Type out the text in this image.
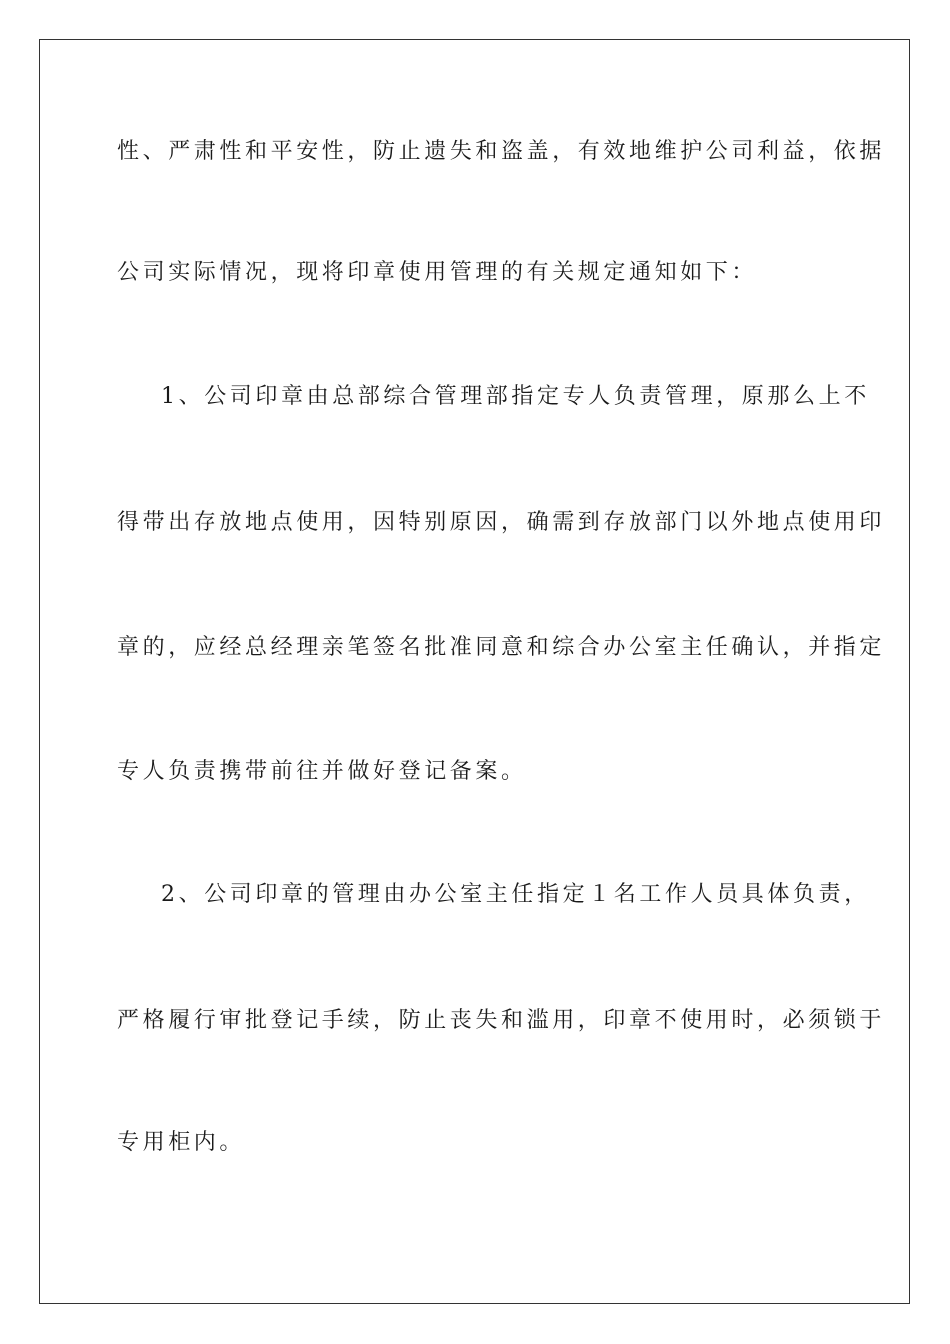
性、严肃性和平安性，防止遗失和盗盖，有效地维护公司利益，依据

公司实际情况，现将印章使用管理的有关规定通知如下：

1、公司印章由总部综合管理部指定专人负责管理，原那么上不

得带出存放地点使用，因特别原因，确需到存放部门以外地点使用印

章的，应经总经理亲笔签名批准同意和综合办公室主任确认，并指定

专人负责携带前往并做好登记备案。

2、公司印章的管理由办公室主任指定１名工作人员具体负责，

严格履行审批登记手续，防止丧失和滥用，印章不使用时，必须锁于

专用柜内。
